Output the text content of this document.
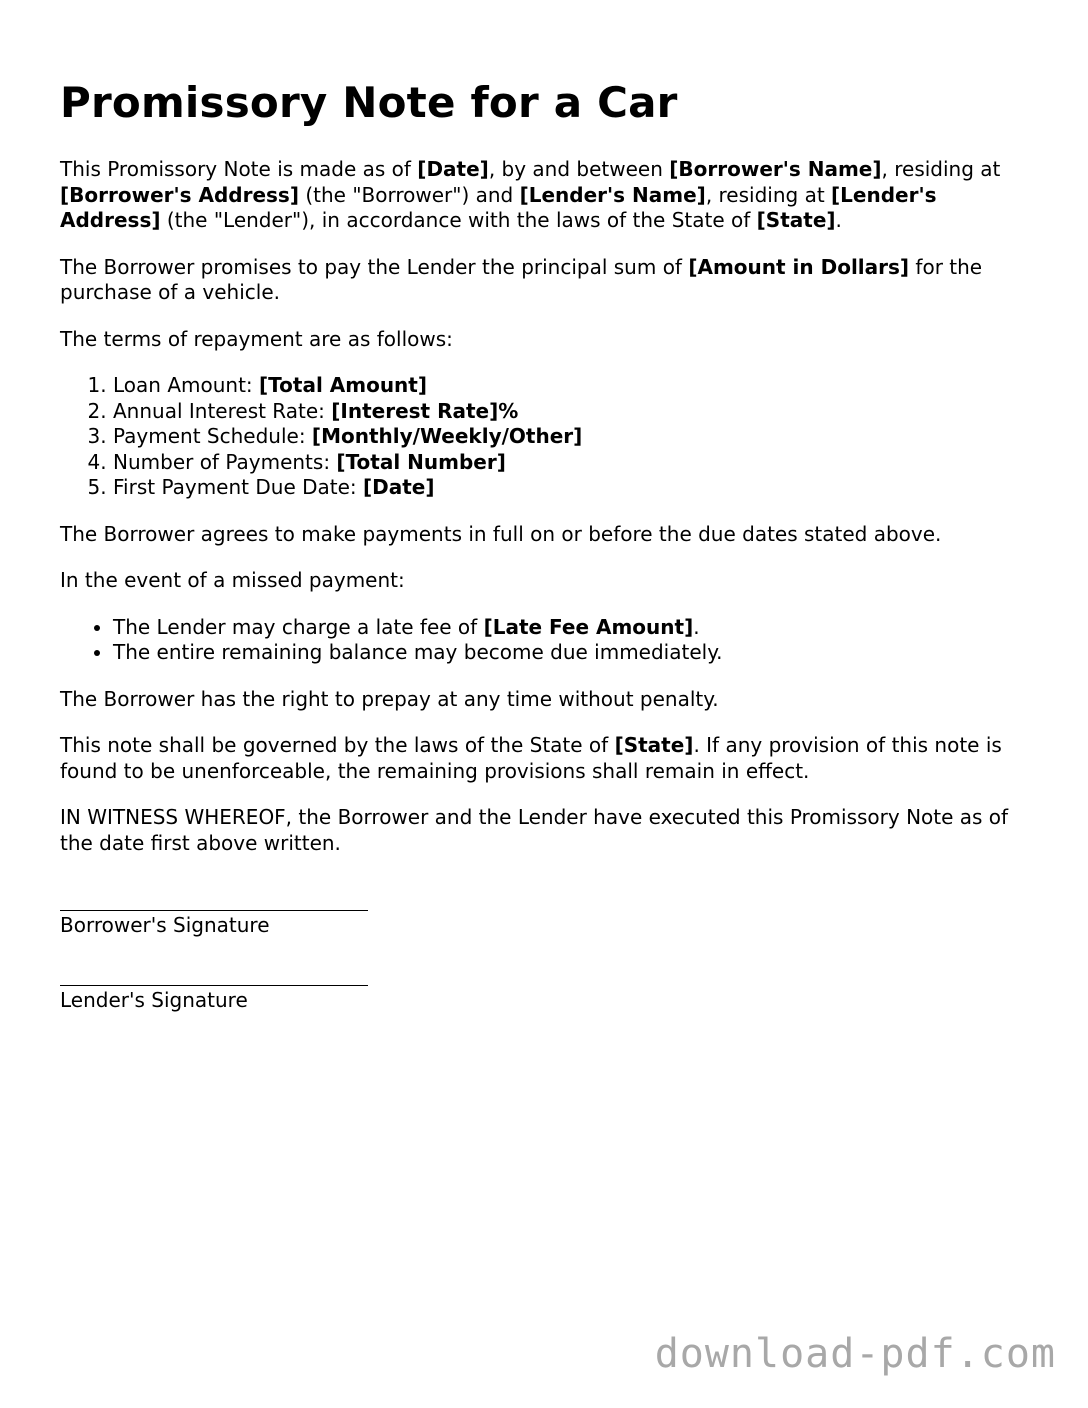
Promissory Note for a Car

This Promissory Note is made as of [Date], by and between [Borrower's Name], residing at [Borrower's Address] (the "Borrower") and [Lender's Name], residing at [Lender's Address] (the "Lender"), in accordance with the laws of the State of [State].

The Borrower promises to pay the Lender the principal sum of [Amount in Dollars] for the purchase of a vehicle.

The terms of repayment are as follows:

1. Loan Amount: [Total Amount]
2. Annual Interest Rate: [Interest Rate]%
3. Payment Schedule: [Monthly/Weekly/Other]
4. Number of Payments: [Total Number]
5. First Payment Due Date: [Date]

The Borrower agrees to make payments in full on or before the due dates stated above.

In the event of a missed payment:

• The Lender may charge a late fee of [Late Fee Amount].
• The entire remaining balance may become due immediately.

The Borrower has the right to prepay at any time without penalty.

This note shall be governed by the laws of the State of [State]. If any provision of this note is found to be unenforceable, the remaining provisions shall remain in effect.

IN WITNESS WHEREOF, the Borrower and the Lender have executed this Promissory Note as of the date first above written.

Borrower's Signature
Lender's Signature
download-pdf.com
